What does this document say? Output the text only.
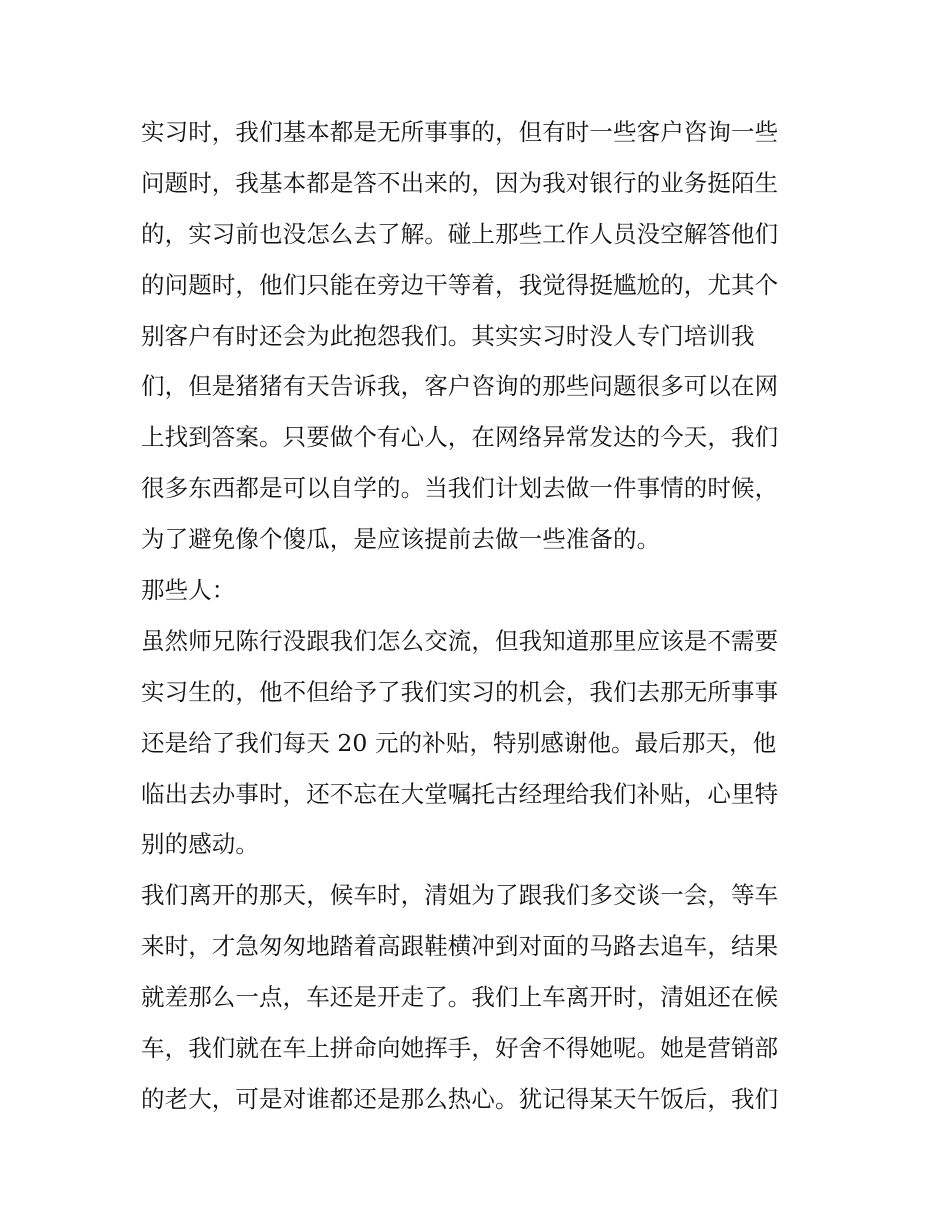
实习时，我们基本都是无所事事的，但有时一些客户咨询一些
问题时，我基本都是答不出来的，因为我对银行的业务挺陌生
的，实习前也没怎么去了解。碰上那些工作人员没空解答他们
的问题时，他们只能在旁边干等着，我觉得挺尴尬的，尤其个
别客户有时还会为此抱怨我们。其实实习时没人专门培训我
们，但是猪猪有天告诉我，客户咨询的那些问题很多可以在网
上找到答案。只要做个有心人，在网络异常发达的今天，我们
很多东西都是可以自学的。当我们计划去做一件事情的时候，
为了避免像个傻瓜，是应该提前去做一些准备的。
那些人：
虽然师兄陈行没跟我们怎么交流，但我知道那里应该是不需要
实习生的，他不但给予了我们实习的机会，我们去那无所事事
还是给了我们每天 20 元的补贴，特别感谢他。最后那天，他
临出去办事时，还不忘在大堂嘱托古经理给我们补贴，心里特
别的感动。
我们离开的那天，候车时，清姐为了跟我们多交谈一会，等车
来时，才急匆匆地踏着高跟鞋横冲到对面的马路去追车，结果
就差那么一点，车还是开走了。我们上车离开时，清姐还在候
车，我们就在车上拼命向她挥手，好舍不得她呢。她是营销部
的老大，可是对谁都还是那么热心。犹记得某天午饭后，我们
